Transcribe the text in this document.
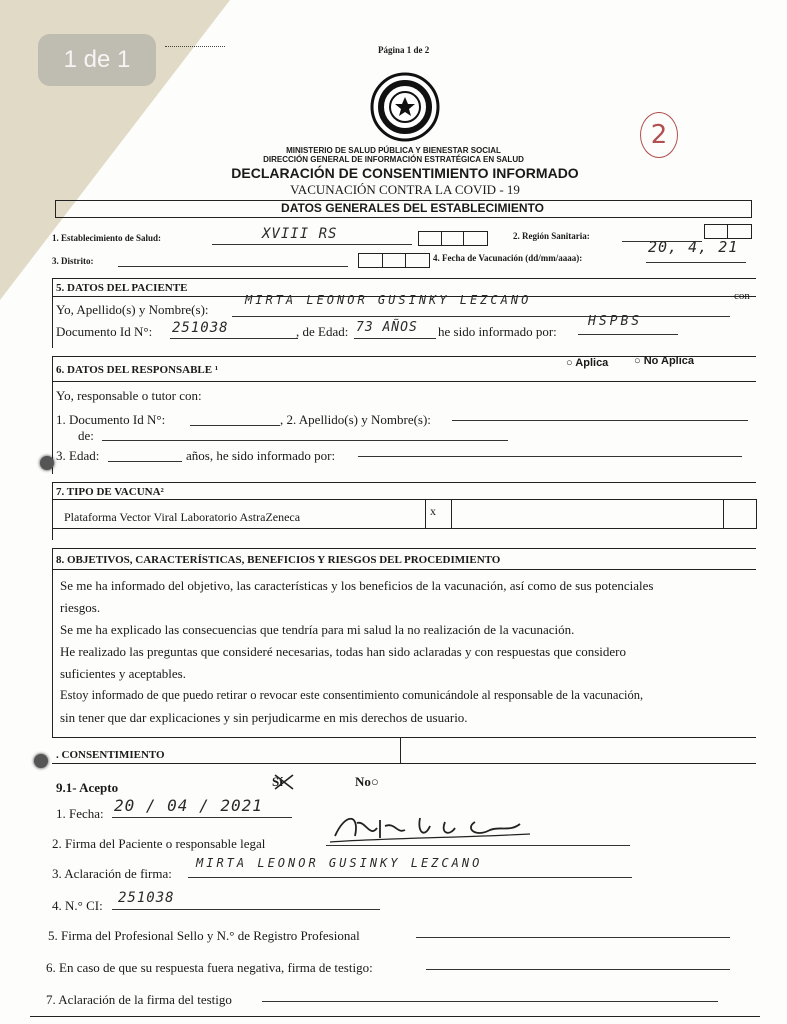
1 de 1	Página 1 de 2
MINISTERIO DE SALUD PÚBLICA Y BIENESTAR SOCIAL
DIRECCIÓN GENERAL DE INFORMACIÓN ESTRATÉGICA EN SALUD
DECLARACIÓN DE CONSENTIMIENTO INFORMADO
VACUNACIÓN CONTRA LA COVID - 19
2
DATOS GENERALES DEL ESTABLECIMIENTO
1. Establecimiento de Salud:	XVIII RS	2. Región Sanitaria:
3. Distrito:	4. Fecha de Vacunación (dd/mm/aaaa):
20, 4, 21
5. DATOS DEL PACIENTE
Yo, Apellido(s) y Nombre(s):
MIRTA LEONOR GUSINKY LEZCANO	con
Documento Id N°: 251038	, de Edad: 73 AÑOS he sido informado por:
HSPBS
6. DATOS DEL RESPONSABLE ¹
○ Aplica ○ No Aplica
Yo, responsable o tutor con:
1. Documento Id N°:	, 2. Apellido(s) y Nombre(s):
de:
3. Edad:	años, he sido informado por:
7. TIPO DE VACUNA²
Plataforma Vector Viral Laboratorio AstraZeneca	x
8. OBJETIVOS, CARACTERÍSTICAS, BENEFICIOS Y RIESGOS DEL PROCEDIMIENTO
Se me ha informado del objetivo, las características y los beneficios de la vacunación, así como de sus potenciales
riesgos.
Se me ha explicado las consecuencias que tendría para mi salud la no realización de la vacunación.
He realizado las preguntas que consideré necesarias, todas han sido aclaradas y con respuestas que considero
suficientes y aceptables.
Estoy informado de que puedo retirar o revocar este consentimiento comunicándole al responsable de la vacunación,
sin tener que dar explicaciones y sin perjudicarme en mis derechos de usuario.
. CONSENTIMIENTO
9.1- Acepto	Sí	No○
1. Fecha: 20 / 04 / 2021
2. Firma del Paciente o responsable legal
3. Aclaración de firma:
MIRTA LEONOR GUSINKY LEZCANO
4. N.° CI: 251038
5. Firma del Profesional Sello y N.° de Registro Profesional
6. En caso de que su respuesta fuera negativa, firma de testigo:
7. Aclaración de la firma del testigo
